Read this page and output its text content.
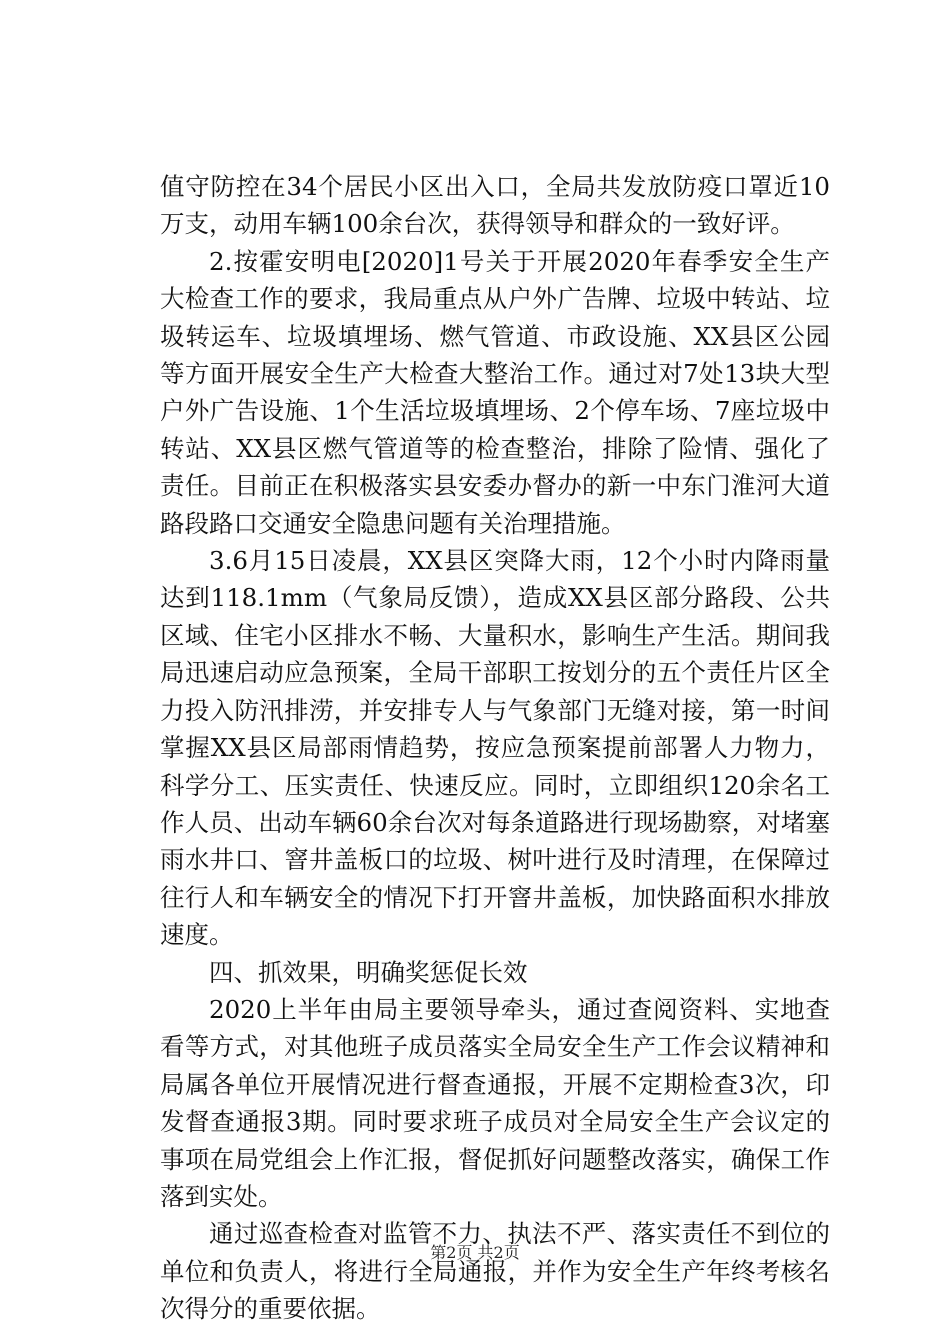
值守防控在34个居民小区出入口，全局共发放防疫口罩近10万支，动用车辆100余台次，获得领导和群众的一致好评。

2.按霍安明电[2020]1号关于开展2020年春季安全生产大检查工作的要求，我局重点从户外广告牌、垃圾中转站、垃圾转运车、垃圾填埋场、燃气管道、市政设施、XX县区公园等方面开展安全生产大检查大整治工作。通过对7处13块大型户外广告设施、1个生活垃圾填埋场、2个停车场、7座垃圾中转站、XX县区燃气管道等的检查整治，排除了险情、强化了责任。目前正在积极落实县安委办督办的新一中东门淮河大道路段路口交通安全隐患问题有关治理措施。

3.6月15日凌晨，XX县区突降大雨，12个小时内降雨量达到118.1mm（气象局反馈），造成XX县区部分路段、公共区域、住宅小区排水不畅、大量积水，影响生产生活。期间我局迅速启动应急预案，全局干部职工按划分的五个责任片区全力投入防汛排涝，并安排专人与气象部门无缝对接，第一时间掌握XX县区局部雨情趋势，按应急预案提前部署人力物力，科学分工、压实责任、快速反应。同时，立即组织120余名工作人员、出动车辆60余台次对每条道路进行现场勘察，对堵塞雨水井口、窨井盖板口的垃圾、树叶进行及时清理，在保障过往行人和车辆安全的情况下打开窨井盖板，加快路面积水排放速度。

四、抓效果，明确奖惩促长效

2020上半年由局主要领导牵头，通过查阅资料、实地查看等方式，对其他班子成员落实全局安全生产工作会议精神和局属各单位开展情况进行督查通报，开展不定期检查3次，印发督查通报3期。同时要求班子成员对全局安全生产会议定的事项在局党组会上作汇报，督促抓好问题整改落实，确保工作落到实处。

通过巡查检查对监管不力、执法不严、落实责任不到位的单位和负责人，将进行全局通报，并作为安全生产年终考核名次得分的重要依据。

第2页 共2页
